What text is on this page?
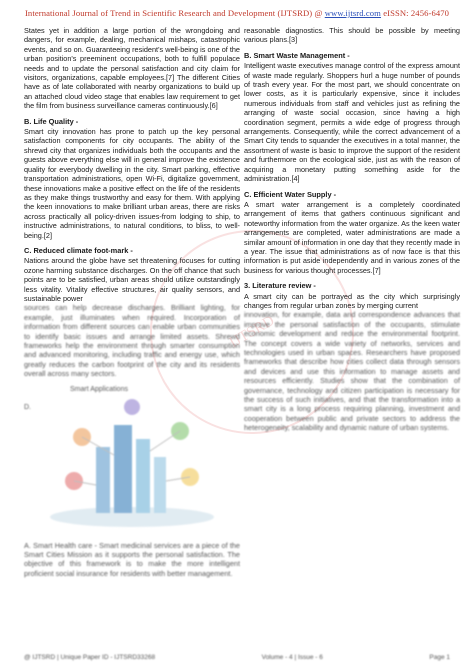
International Journal of Trend in Scientific Research and Development (IJTSRD) @ www.ijtsrd.com eISSN: 2456-6470
IJTSRD

States yet in addition a large portion of the wrongdoing and dangers, for example, dealing, mechanical mishaps, catastrophic events, and so on. Guaranteeing resident's well-being is one of the urban position's preeminent occupations, both to fulfill populace needs and to update the personal satisfaction and city claim for visitors, organizations, capable employees.[7] The different Cities have as of late collaborated with nearby organizations to build up an attached cloud video stage that enables law requirement to get the film from business surveillance cameras continuously.[6]

B. Life Quality -

Smart city innovation has prone to patch up the key personal satisfaction components for city occupants. The ability of the shrewd city that organizes individuals both the occupants and the guests above everything else will in general improve the existence quality for everybody dwelling in the city. Smart parking, effective transportation administrations, open Wi-Fi, digitalize government, these innovations make a positive effect on the life of the residents as they make things trustworthy and easy for them. With applying the keen innovations to make brilliant urban areas, there are risks across practically all policy-driven issues-from lodging to ship, to instructive administrations, to natural conditions, to bliss, to well-being.[2]

C. Reduced climate foot-mark -

Nations around the globe have set threatening focuses for cutting ozone harming substance discharges. On the off chance that such points are to be satisfied, urban areas should utilize outstandingly less vitality. Vitality effective structures, air quality sensors, and sustainable power

sources can help decrease discharges. Brilliant lighting, for example, just illuminates when required. Incorporation of information from different sources can enable urban communities to identify basic issues and arrange limited assets. Shrewd frameworks help the environment through smarter consumption and advanced monitoring, including traffic and energy use, which greatly reduces the carbon footprint of the city and its residents overall across many sectors.

Smart Applications
D.

A. Smart Health care - Smart medicinal services are a piece of the Smart Cities Mission as it supports the personal satisfaction. The objective of this framework is to make the more intelligent proficient social insurance for residents with better management.

reasonable diagnostics. This should be possible by meeting various plans.[3]

B. Smart Waste Management -

Intelligent waste executives manage control of the express amount of waste made regularly. Shoppers hurl a huge number of pounds of trash every year. For the most part, we should concentrate on lower costs, as it is particularly expensive, since it includes numerous individuals from staff and vehicles just as refining the arranging of waste social occasion, since having a high coordination segment, permits a wide edge of progress through arrangements. Consequently, while the correct advancement of a Smart City tends to squander the executives in a total manner, the assortment of waste is basic to improve the support of the resident and furthermore on the ecological side, just as with the reason of acquiring a monetary putting something aside for the administration.[4]

C. Efficient Water Supply -

A smart water arrangement is a completely coordinated arrangement of items that gathers continuous significant and noteworthy information from the water organize. As the keen water arrangements are completed, water administrations are made a similar amount of information in one day that they recently made in a year. The issue that administrations as of now face is that this information is put aside independently and in various zones of the business for various thought processes.[7]

3. Literature review -

A smart city can be portrayed as the city which surprisingly changes from regular urban zones by merging current

innovation, for example, data and correspondence advances that improve the personal satisfaction of the occupants, stimulate economic development and reduce the environmental footprint. The concept covers a wide variety of networks, services and technologies used in urban spaces. Researchers have proposed frameworks that describe how cities collect data through sensors and devices and use this information to manage assets and resources efficiently. Studies show that the combination of governance, technology and citizen participation is necessary for the success of such initiatives, and that the transformation into a smart city is a long process requiring planning, investment and cooperation between public and private sectors to address the heterogeneity, scalability and dynamic nature of urban systems.

@ IJTSRD | Unique Paper ID - IJTSRD33268	Volume - 4 | Issue - 6	Page 1
